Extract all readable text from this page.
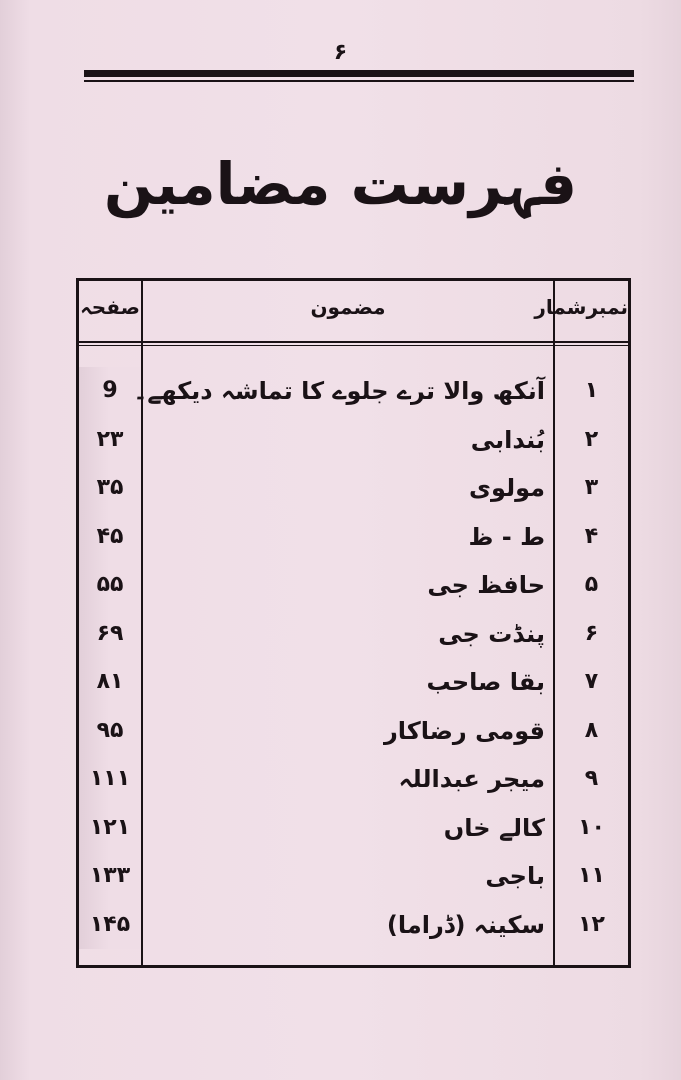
۶
فہرست مضامین
صفحہ	مضمون	نمبرشمار
9 آنکھ والا ترے جلوے کا تماشہ دیکھے۔	۱
۲۳	بُندابی	۲
۳۵	مولوی	۳
۴۵	ط - ظ	۴
۵۵	حافظ جی	۵
۶۹	پنڈت جی	۶
۸۱	بقا صاحب	۷
۹۵	قومی رضاکار	۸
۱۱۱	میجر عبداللہ	۹
۱۲۱	کالے خاں	۱۰
۱۳۳	باجی	۱۱
۱۴۵	سکینہ (ڈراما)	۱۲
